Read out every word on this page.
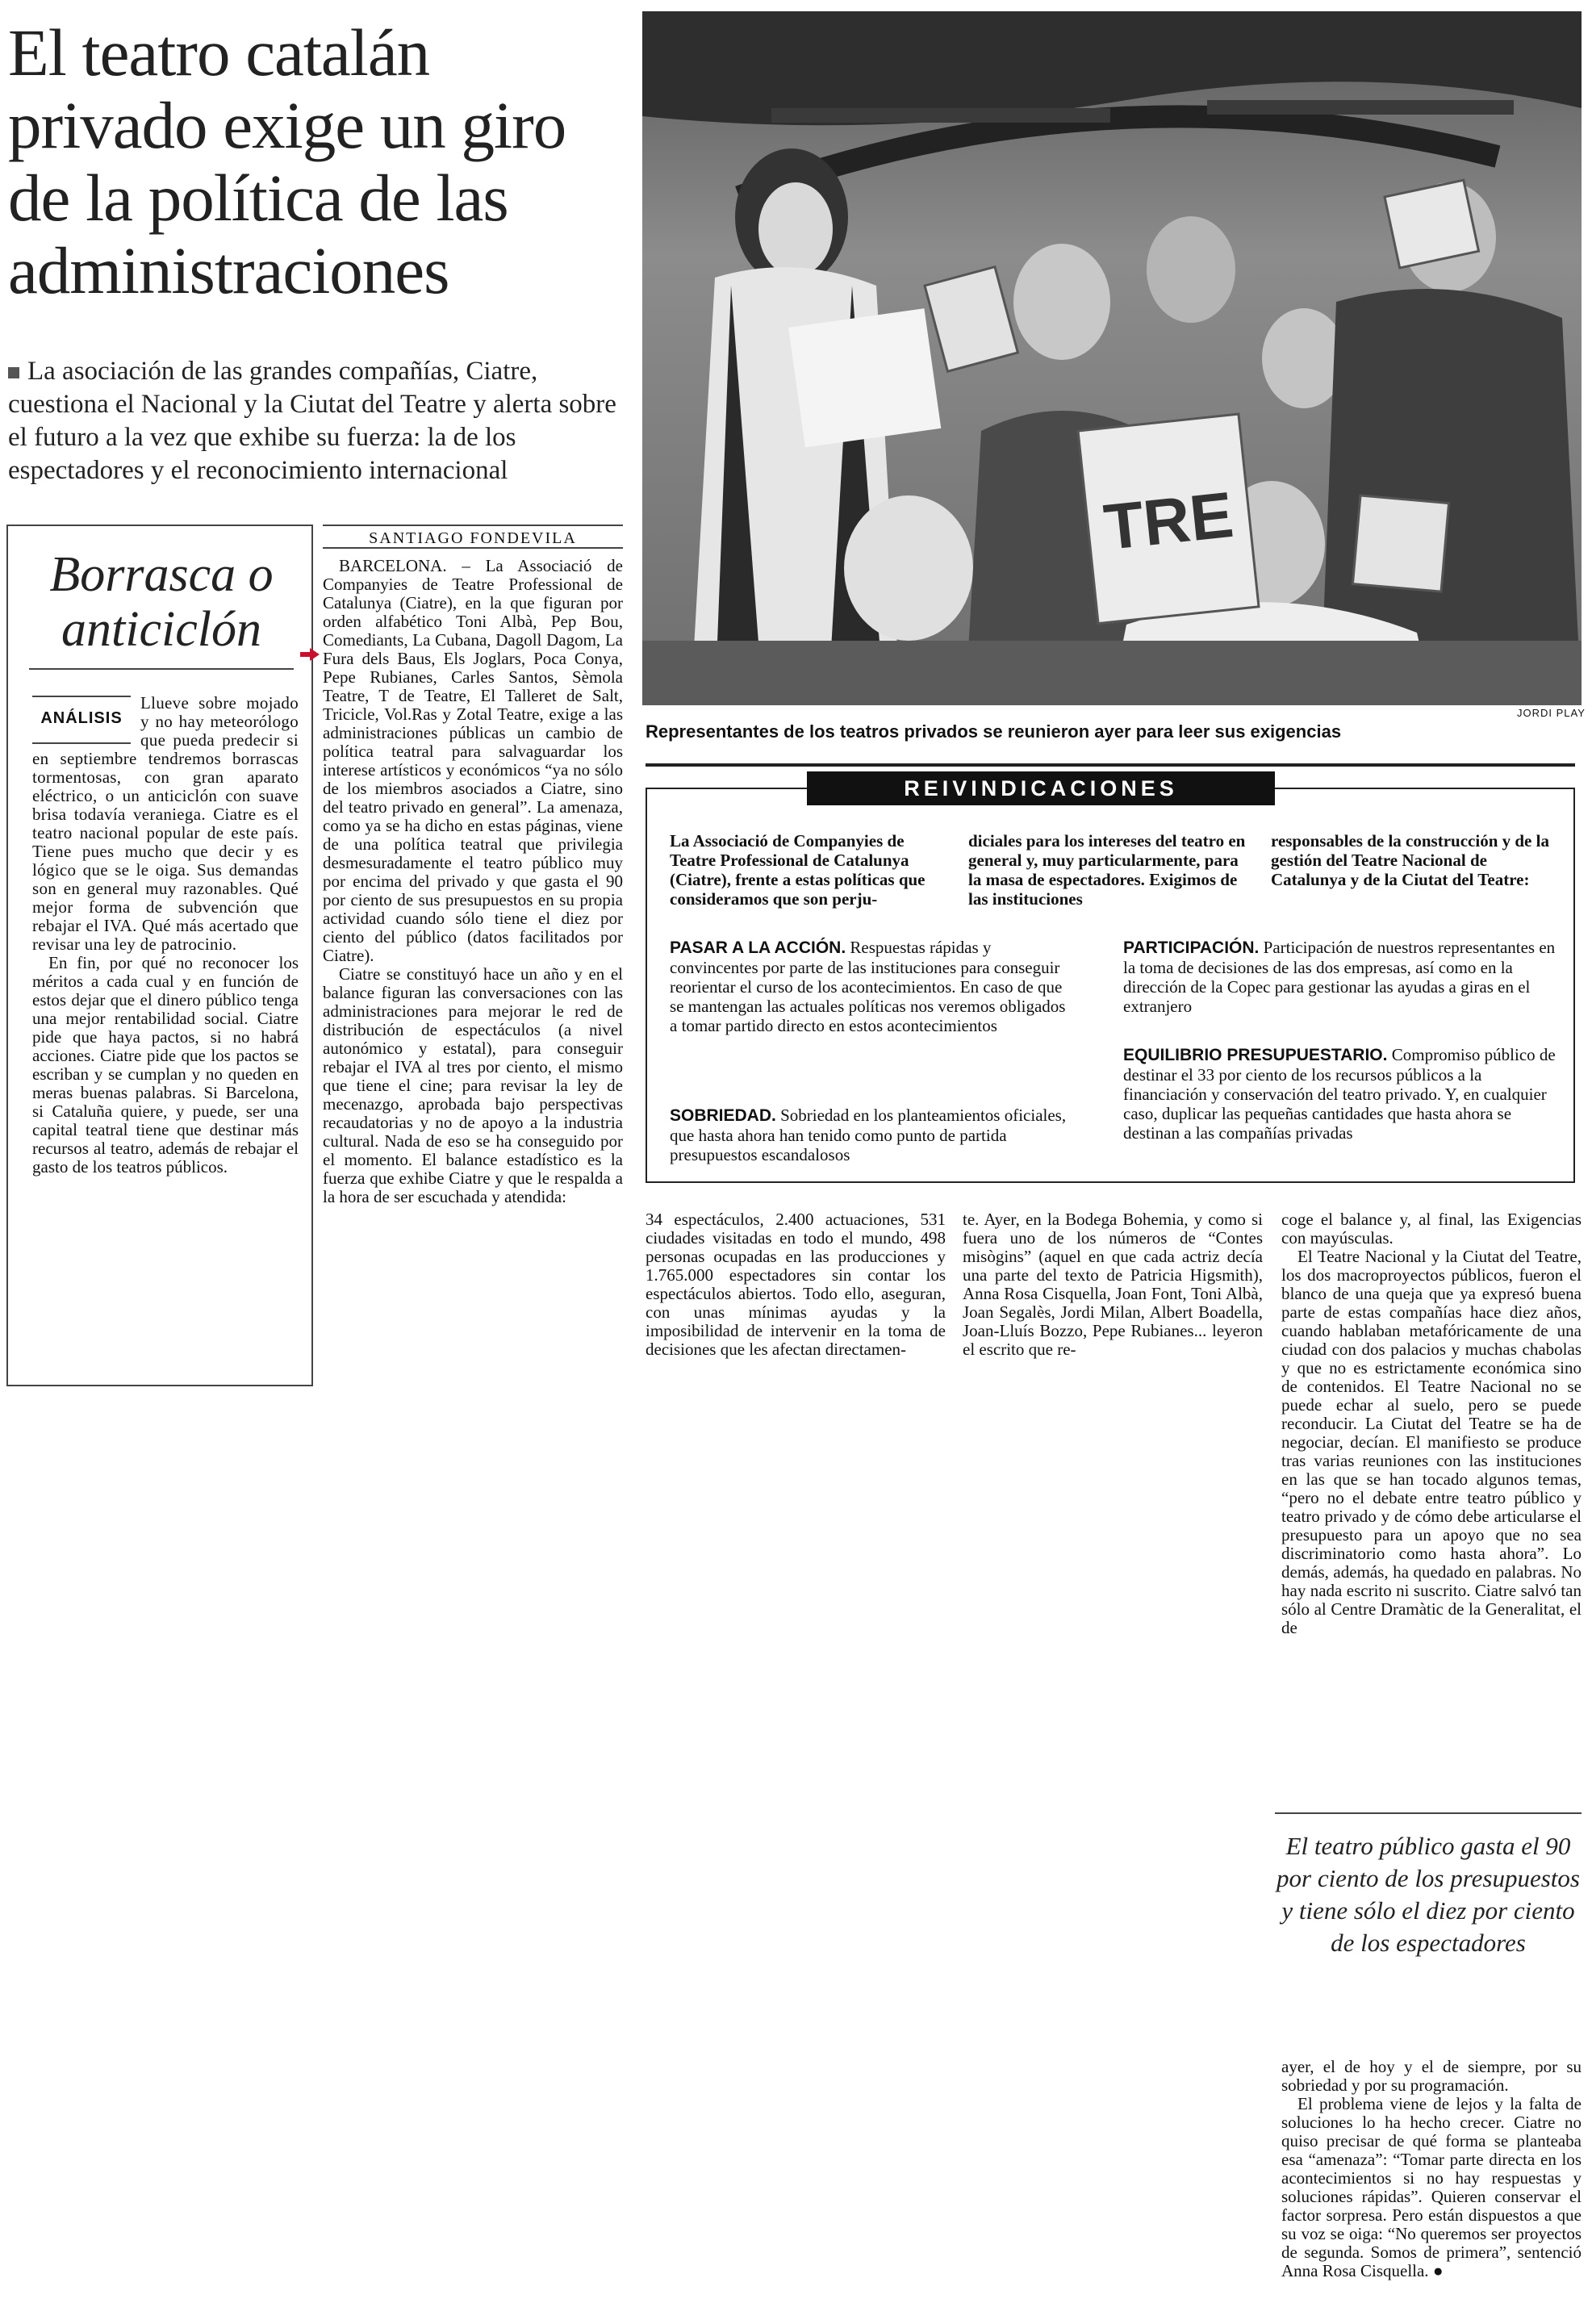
El teatro catalán privado exige un giro de la política de las administraciones

La asociación de las grandes compañías, Ciatre, cuestiona el Nacional y la Ciutat del Teatre y alerta sobre el futuro a la vez que exhibe su fuerza: la de los espectadores y el reconocimiento internacional

Borrasca o anticiclón
ANÁLISIS

Llueve sobre mojado y no hay meteorólogo que pueda predecir si en septiembre tendremos borrascas tormentosas, con gran aparato eléctrico, o un anticiclón con suave brisa todavía veraniega. Ciatre es el teatro nacional popular de este país. Tiene pues mucho que decir y es lógico que se le oiga. Sus demandas son en general muy razonables. Qué mejor forma de subvención que rebajar el IVA. Qué más acertado que revisar una ley de patrocinio.

En fin, por qué no reconocer los méritos a cada cual y en función de estos dejar que el dinero público tenga una mejor rentabilidad social. Ciatre pide que haya pactos, si no habrá acciones. Ciatre pide que los pactos se escriban y se cumplan y no queden en meras buenas palabras. Si Barcelona, si Cataluña quiere, y puede, ser una capital teatral tiene que destinar más recursos al teatro, además de rebajar el gasto de los teatros públicos.

SANTIAGO FONDEVILA

BARCELONA. – La Associació de Companyies de Teatre Professional de Catalunya (Ciatre), en la que figuran por orden alfabético Toni Albà, Pep Bou, Comediants, La Cubana, Dagoll Dagom, La Fura dels Baus, Els Joglars, Poca Conya, Pepe Rubianes, Carles Santos, Sèmola Teatre, T de Teatre, El Talleret de Salt, Tricicle, Vol.Ras y Zotal Teatre, exige a las administraciones públicas un cambio de política teatral para salvaguardar los interese artísticos y económicos “ya no sólo de los miembros asociados a Ciatre, sino del teatro privado en general”. La amenaza, como ya se ha dicho en estas páginas, viene de una política teatral que privilegia desmesuradamente el teatro público muy por encima del privado y que gasta el 90 por ciento de sus presupuestos en su propia actividad cuando sólo tiene el diez por ciento del público (datos facilitados por Ciatre).

Ciatre se constituyó hace un año y en el balance figuran las conversaciones con las administraciones para mejorar le red de distribución de espectáculos (a nivel autonómico y estatal), para conseguir rebajar el IVA al tres por ciento, el mismo que tiene el cine; para revisar la ley de mecenazgo, aprobada bajo perspectivas recaudatorias y no de apoyo a la industria cultural. Nada de eso se ha conseguido por el momento. El balance estadístico es la fuerza que exhibe Ciatre y que le respalda a la hora de ser escuchada y atendida:

TRE
JORDI PLAY
Representantes de los teatros privados se reunieron ayer para leer sus exigencias
REIVINDICACIONES
La Associació de Companyies de Teatre Professional de Catalunya (Ciatre), frente a estas políticas que consideramos que son perju-
diciales para los intereses del teatro en general y, muy particularmente, para la masa de espectadores. Exigimos de las instituciones
responsables de la construcción y de la gestión del Teatre Nacional de Catalunya y de la Ciutat del Teatre:
PASAR A LA ACCIÓN. Respuestas rápidas y convincentes por parte de las instituciones para conseguir reorientar el curso de los acontecimientos. En caso de que se mantengan las actuales políticas nos veremos obligados a tomar partido directo en estos acontecimientos
SOBRIEDAD. Sobriedad en los planteamientos oficiales, que hasta ahora han tenido como punto de partida presupuestos escandalosos
PARTICIPACIÓN. Participación de nuestros representantes en la toma de decisiones de las dos empresas, así como en la dirección de la Copec para gestionar las ayudas a giras en el extranjero
EQUILIBRIO PRESUPUESTARIO. Compromiso público de destinar el 33 por ciento de los recursos públicos a la financiación y conservación del teatro privado. Y, en cualquier caso, duplicar las pequeñas cantidades que hasta ahora se destinan a las compañías privadas

34 espectáculos, 2.400 actuaciones, 531 ciudades visitadas en todo el mundo, 498 personas ocupadas en las producciones y 1.765.000 espectadores sin contar los espectáculos abiertos. Todo ello, aseguran, con unas mínimas ayudas y la imposibilidad de intervenir en la toma de decisiones que les afectan directamen-

te. Ayer, en la Bodega Bohemia, y como si fuera uno de los números de “Contes misògins” (aquel en que cada actriz decía una parte del texto de Patricia Higsmith), Anna Rosa Cisquella, Joan Font, Toni Albà, Joan Segalès, Jordi Milan, Albert Boadella, Joan-Lluís Bozzo, Pepe Rubianes... leyeron el escrito que re-

coge el balance y, al final, las Exigencias con mayúsculas.

El Teatre Nacional y la Ciutat del Teatre, los dos macroproyectos públicos, fueron el blanco de una queja que ya expresó buena parte de estas compañías hace diez años, cuando hablaban metafóricamente de una ciudad con dos palacios y muchas chabolas y que no es estrictamente económica sino de contenidos. El Teatre Nacional no se puede echar al suelo, pero se puede reconducir. La Ciutat del Teatre se ha de negociar, decían. El manifiesto se produce tras varias reuniones con las instituciones en las que se han tocado algunos temas, “pero no el debate entre teatro público y teatro privado y de cómo debe articularse el presupuesto para un apoyo que no sea discriminatorio como hasta ahora”. Lo demás, además, ha quedado en palabras. No hay nada escrito ni suscrito. Ciatre salvó tan sólo al Centre Dramàtic de la Generalitat, el de

El teatro público gasta el 90 por ciento de los presupuestos y tiene sólo el diez por ciento de los espectadores

ayer, el de hoy y el de siempre, por su sobriedad y por su programación.

El problema viene de lejos y la falta de soluciones lo ha hecho crecer. Ciatre no quiso precisar de qué forma se planteaba esa “amenaza”: “Tomar parte directa en los acontecimientos si no hay respuestas y soluciones rápidas”. Quieren conservar el factor sorpresa. Pero están dispuestos a que su voz se oiga: “No queremos ser proyectos de segunda. Somos de primera”, sentenció Anna Rosa Cisquella. ●
